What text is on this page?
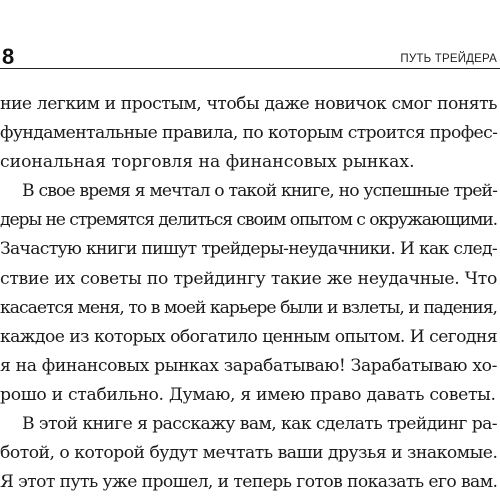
8	ПУТЬ ТРЕЙДЕРА
ние легким и простым, чтобы даже новичок смог понять
фундаментальные правила, по которым строится профес-
сиональная торговля на финансовых рынках.
В свое время я мечтал о такой книге, но успешные трей-
деры не стремятся делиться своим опытом с окружающими.
Зачастую книги пишут трейдеры-неудачники. И как след-
ствие их советы по трейдингу такие же неудачные. Что
касается меня, то в моей карьере были и взлеты, и падения,
каждое из которых обогатило ценным опытом. И сегодня
я на финансовых рынках зарабатываю! Зарабатываю хо-
рошо и стабильно. Думаю, я имею право давать советы.
В этой книге я расскажу вам, как сделать трейдинг ра-
ботой, о которой будут мечтать ваши друзья и знакомые.
Я этот путь уже прошел, и теперь готов показать его вам.
